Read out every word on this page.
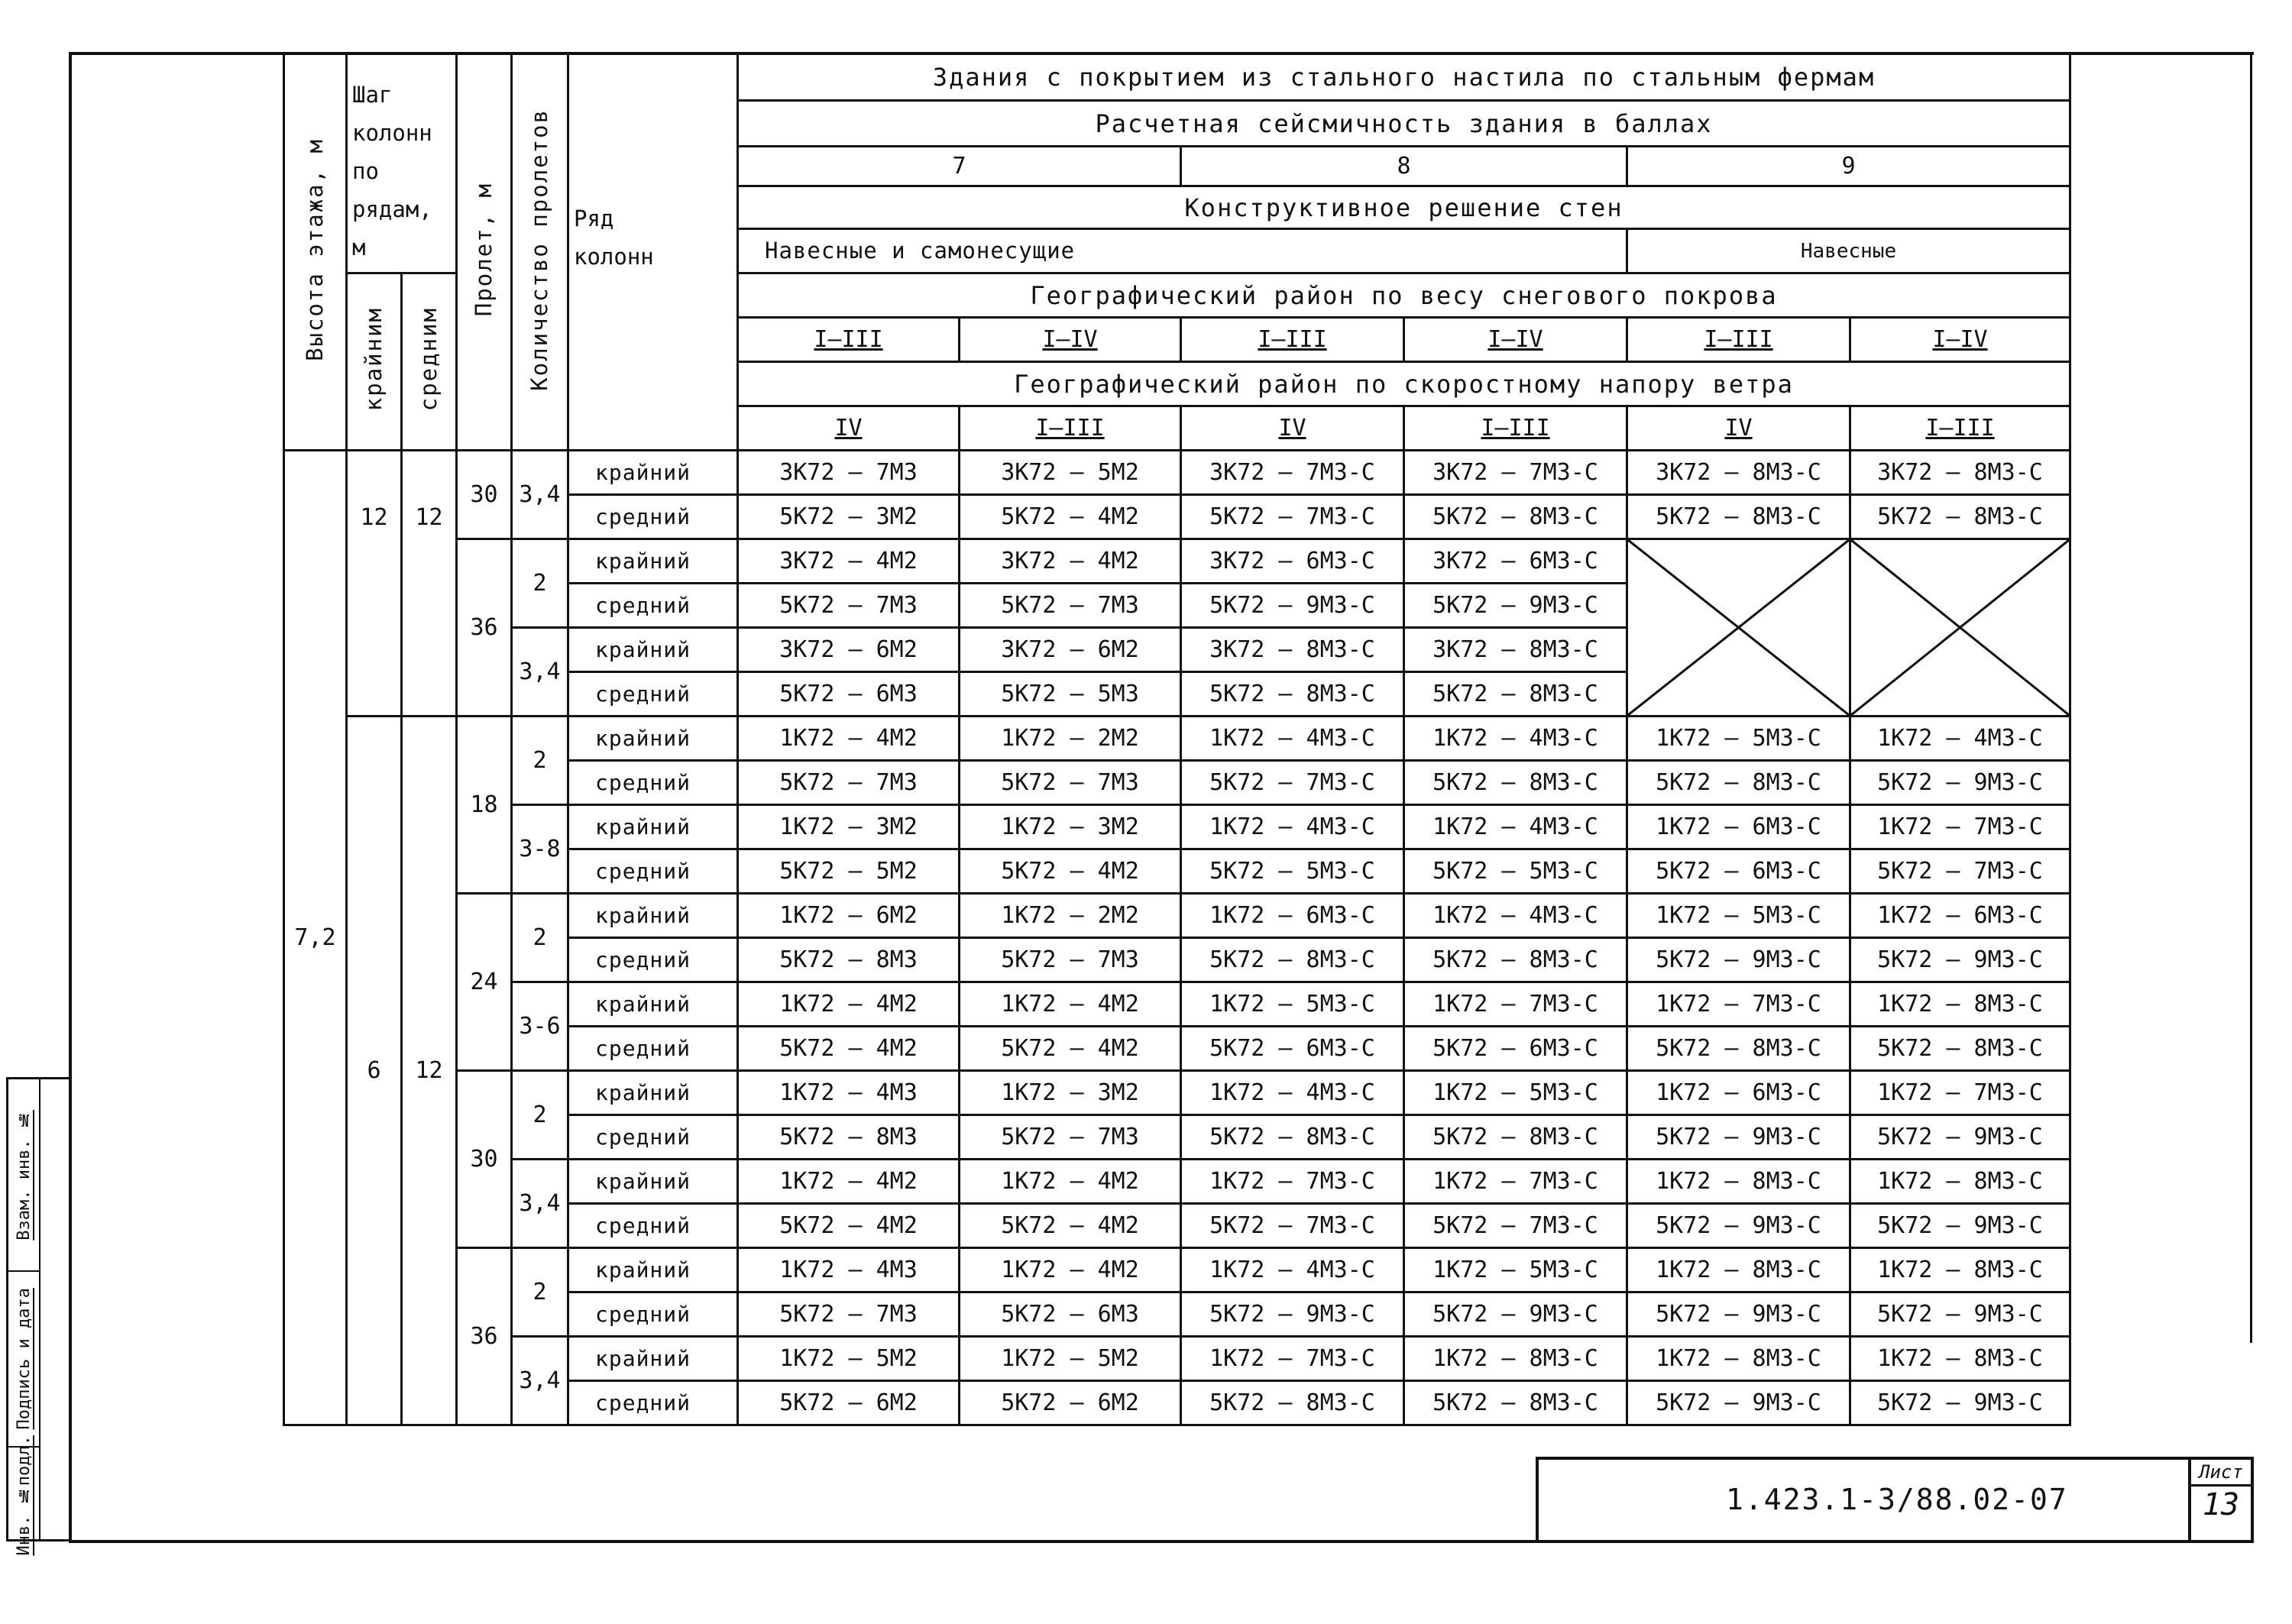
Высота этажа, м	Шаг колонн по рядам, м		Пролет, м	Количество пролетов	Ряд колонн	Здания с покрытием из стального настила по стальным фермам					
						Расчетная сейсмичность здания в баллах					
						7		8		9	
						Конструктивное решение стен					
						Навесные и самонесущие				Навесные	
	крайним	средним				Географический район по весу снегового покрова					
						I–III	I–IV	I–III	I–IV	I–III	I–IV
						Географический район по скоростному напору ветра					
						IV	I–III	IV	I–III	IV	I–III
7,2	12	12	30	3,4	крайний	3К72 — 7М3	3К72 — 5М2	3К72 — 7М3-С	3К72 — 7М3-С	3К72 — 8М3-С	3К72 — 8М3-С
					средний	5К72 — 3М2	5К72 — 4М2	5К72 — 7М3-С	5К72 — 8М3-С	5К72 — 8М3-С	5К72 — 8М3-С
			36	2	крайний	3К72 — 4М2	3К72 — 4М2	3К72 — 6М3-С	3К72 — 6М3-С	

					средний	5К72 — 7М3	5К72 — 7М3	5К72 — 9М3-С	5К72 — 9М3-С		
				3,4	крайний	3К72 — 6М2	3К72 — 6М2	3К72 — 8М3-С	3К72 — 8М3-С		
					средний	5К72 — 6М3	5К72 — 5М3	5К72 — 8М3-С	5К72 — 8М3-С		
	6	12	18	2	крайний	1К72 — 4М2	1К72 — 2М2	1К72 — 4М3-С	1К72 — 4М3-С	1К72 — 5М3-С	1К72 — 4М3-С
					средний	5К72 — 7М3	5К72 — 7М3	5К72 — 7М3-С	5К72 — 8М3-С	5К72 — 8М3-С	5К72 — 9М3-С
				3-8	крайний	1К72 — 3М2	1К72 — 3М2	1К72 — 4М3-С	1К72 — 4М3-С	1К72 — 6М3-С	1К72 — 7М3-С
					средний	5К72 — 5М2	5К72 — 4М2	5К72 — 5М3-С	5К72 — 5М3-С	5К72 — 6М3-С	5К72 — 7М3-С
			24	2	крайний	1К72 — 6М2	1К72 — 2М2	1К72 — 6М3-С	1К72 — 4М3-С	1К72 — 5М3-С	1К72 — 6М3-С
					средний	5К72 — 8М3	5К72 — 7М3	5К72 — 8М3-С	5К72 — 8М3-С	5К72 — 9М3-С	5К72 — 9М3-С
				3-6	крайний	1К72 — 4М2	1К72 — 4М2	1К72 — 5М3-С	1К72 — 7М3-С	1К72 — 7М3-С	1К72 — 8М3-С
					средний	5К72 — 4М2	5К72 — 4М2	5К72 — 6М3-С	5К72 — 6М3-С	5К72 — 8М3-С	5К72 — 8М3-С
			30	2	крайний	1К72 — 4М3	1К72 — 3М2	1К72 — 4М3-С	1К72 — 5М3-С	1К72 — 6М3-С	1К72 — 7М3-С
					средний	5К72 — 8М3	5К72 — 7М3	5К72 — 8М3-С	5К72 — 8М3-С	5К72 — 9М3-С	5К72 — 9М3-С
				3,4	крайний	1К72 — 4М2	1К72 — 4М2	1К72 — 7М3-С	1К72 — 7М3-С	1К72 — 8М3-С	1К72 — 8М3-С
					средний	5К72 — 4М2	5К72 — 4М2	5К72 — 7М3-С	5К72 — 7М3-С	5К72 — 9М3-С	5К72 — 9М3-С
			36	2	крайний	1К72 — 4М3	1К72 — 4М2	1К72 — 4М3-С	1К72 — 5М3-С	1К72 — 8М3-С	1К72 — 8М3-С
					средний	5К72 — 7М3	5К72 — 6М3	5К72 — 9М3-С	5К72 — 9М3-С	5К72 — 9М3-С	5К72 — 9М3-С
				3,4	крайний	1К72 — 5М2	1К72 — 5М2	1К72 — 7М3-С	1К72 — 8М3-С	1К72 — 8М3-С	1К72 — 8М3-С
					средний	5К72 — 6М2	5К72 — 6М2	5К72 — 8М3-С	5К72 — 8М3-С	5К72 — 9М3-С	5К72 — 9М3-С
Взам. инв. №
Подпись и дата
Инв. №подл.	1.423.1-3/88.02-07
Лист
13
